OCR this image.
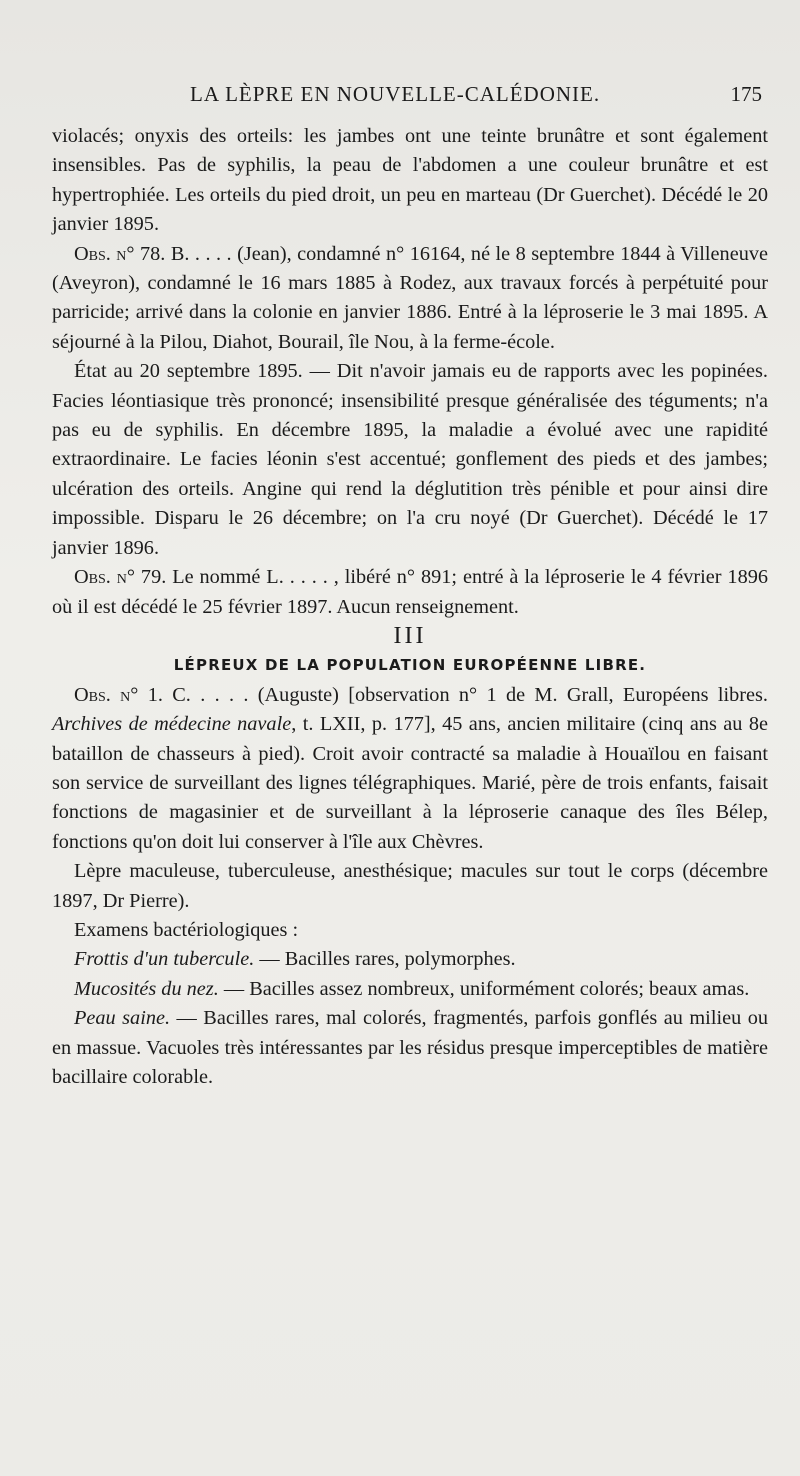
LA LÈPRE EN NOUVELLE-CALÉDONIE.	175

violacés; onyxis des orteils: les jambes ont une teinte brunâtre et sont également insensibles. Pas de syphilis, la peau de l'abdomen a une couleur brunâtre et est hypertrophiée. Les orteils du pied droit, un peu en marteau (Dr Guerchet). Décédé le 20 janvier 1895.

Obs. n° 78. B. . . . . (Jean), condamné n° 16164, né le 8 septembre 1844 à Villeneuve (Aveyron), condamné le 16 mars 1885 à Rodez, aux travaux forcés à perpétuité pour parricide; arrivé dans la colonie en janvier 1886. Entré à la léproserie le 3 mai 1895. A séjourné à la Pilou, Diahot, Bourail, île Nou, à la ferme-école.

État au 20 septembre 1895. — Dit n'avoir jamais eu de rapports avec les popinées. Facies léontiasique très prononcé; insensibilité presque généralisée des téguments; n'a pas eu de syphilis. En décembre 1895, la maladie a évolué avec une rapidité extraordinaire. Le facies léonin s'est accentué; gonflement des pieds et des jambes; ulcération des orteils. Angine qui rend la déglutition très pénible et pour ainsi dire impossible. Disparu le 26 décembre; on l'a cru noyé (Dr Guerchet). Décédé le 17 janvier 1896.

Obs. n° 79. Le nommé L. . . . . , libéré n° 891; entré à la léproserie le 4 février 1896 où il est décédé le 25 février 1897. Aucun renseignement.

III

LÉPREUX DE LA POPULATION EUROPÉENNE LIBRE.

Obs. n° 1. C. . . . . (Auguste) [observation n° 1 de M. Grall, Européens libres. Archives de médecine navale, t. LXII, p. 177], 45 ans, ancien militaire (cinq ans au 8e bataillon de chasseurs à pied). Croit avoir contracté sa maladie à Houaïlou en faisant son service de surveillant des lignes télégraphiques. Marié, père de trois enfants, faisait fonctions de magasinier et de surveillant à la léproserie canaque des îles Bélep, fonctions qu'on doit lui conserver à l'île aux Chèvres.

Lèpre maculeuse, tuberculeuse, anesthésique; macules sur tout le corps (décembre 1897, Dr Pierre).

Examens bactériologiques :

Frottis d'un tubercule. — Bacilles rares, polymorphes.

Mucosités du nez. — Bacilles assez nombreux, uniformément colorés; beaux amas.

Peau saine. — Bacilles rares, mal colorés, fragmentés, parfois gonflés au milieu ou en massue. Vacuoles très intéressantes par les résidus presque imperceptibles de matière bacillaire colorable.
